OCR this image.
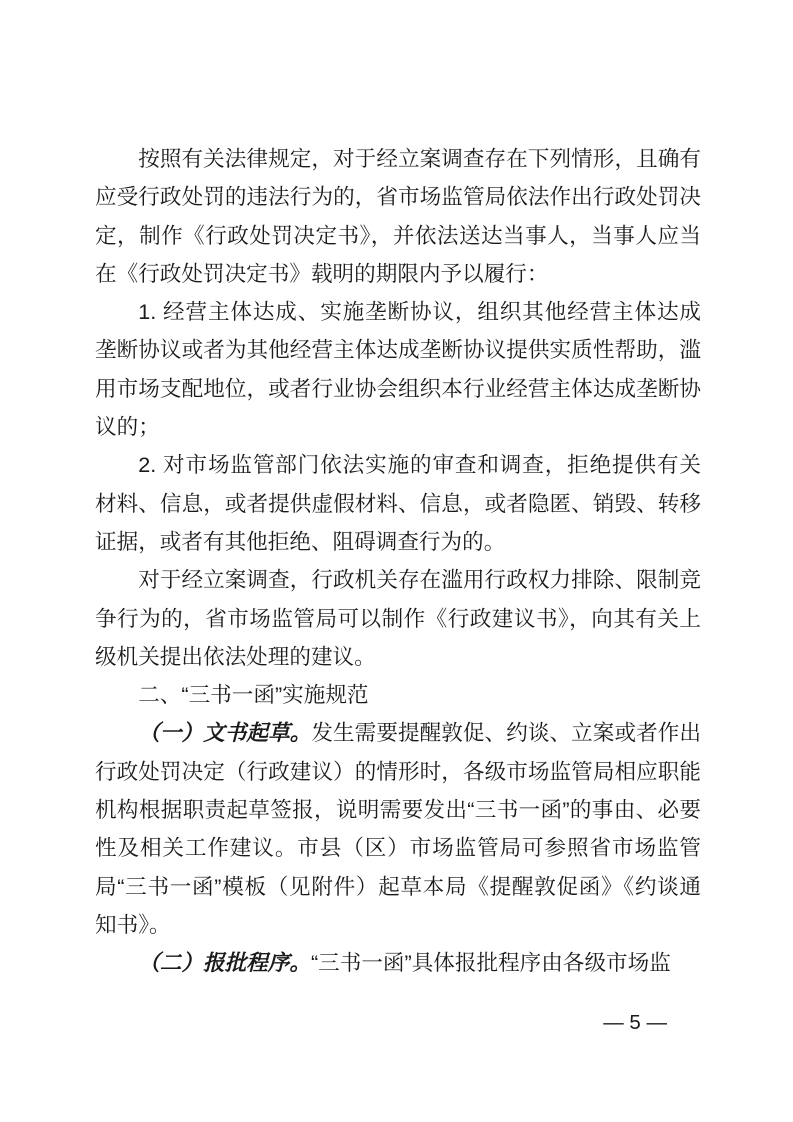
按照有关法律规定，对于经立案调查存在下列情形，且确有应受行政处罚的违法行为的，省市场监管局依法作出行政处罚决定，制作《行政处罚决定书》，并依法送达当事人，当事人应当在《行政处罚决定书》载明的期限内予以履行：

1. 经营主体达成、实施垄断协议，组织其他经营主体达成垄断协议或者为其他经营主体达成垄断协议提供实质性帮助，滥用市场支配地位，或者行业协会组织本行业经营主体达成垄断协议的；

2. 对市场监管部门依法实施的审查和调查，拒绝提供有关材料、信息，或者提供虚假材料、信息，或者隐匿、销毁、转移证据，或者有其他拒绝、阻碍调查行为的。

对于经立案调查，行政机关存在滥用行政权力排除、限制竞争行为的，省市场监管局可以制作《行政建议书》，向其有关上级机关提出依法处理的建议。

二、“三书一函”实施规范

（一）文书起草。发生需要提醒敦促、约谈、立案或者作出行政处罚决定（行政建议）的情形时，各级市场监管局相应职能机构根据职责起草签报，说明需要发出“三书一函”的事由、必要性及相关工作建议。市县（区）市场监管局可参照省市场监管局“三书一函”模板（见附件）起草本局《提醒敦促函》《约谈通知书》。

（二）报批程序。“三书一函”具体报批程序由各级市场监

— 5 —
